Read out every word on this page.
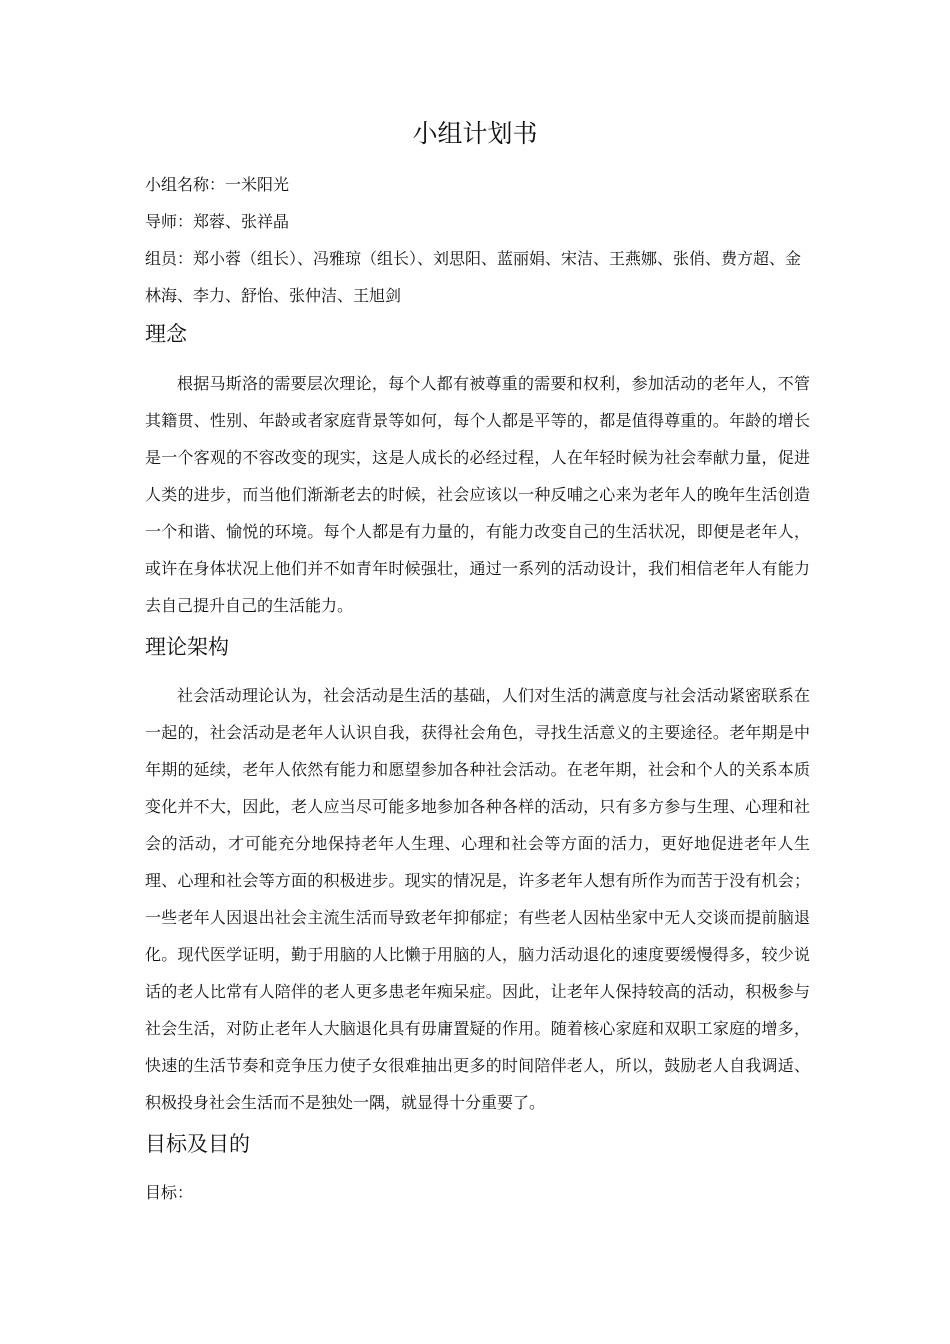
小组计划书

小组名称：一米阳光

导师：郑蓉、张祥晶

组员：郑小蓉（组长）、冯雅琼（组长）、刘思阳、蓝丽娟、宋洁、王燕娜、张俏、费方超、金林海、李力、舒怡、张仲洁、王旭剑

理念

根据马斯洛的需要层次理论，每个人都有被尊重的需要和权利，参加活动的老年人，不管其籍贯、性别、年龄或者家庭背景等如何，每个人都是平等的，都是值得尊重的。年龄的增长是一个客观的不容改变的现实，这是人成长的必经过程，人在年轻时候为社会奉献力量，促进人类的进步，而当他们渐渐老去的时候，社会应该以一种反哺之心来为老年人的晚年生活创造一个和谐、愉悦的环境。每个人都是有力量的，有能力改变自己的生活状况，即便是老年人，或许在身体状况上他们并不如青年时候强壮，通过一系列的活动设计，我们相信老年人有能力去自己提升自己的生活能力。

理论架构

社会活动理论认为，社会活动是生活的基础，人们对生活的满意度与社会活动紧密联系在一起的，社会活动是老年人认识自我，获得社会角色，寻找生活意义的主要途径。老年期是中年期的延续，老年人依然有能力和愿望参加各种社会活动。在老年期，社会和个人的关系本质变化并不大，因此，老人应当尽可能多地参加各种各样的活动，只有多方参与生理、心理和社会的活动，才可能充分地保持老年人生理、心理和社会等方面的活力，更好地促进老年人生理、心理和社会等方面的积极进步。现实的情况是，许多老年人想有所作为而苦于没有机会；一些老年人因退出社会主流生活而导致老年抑郁症；有些老人因枯坐家中无人交谈而提前脑退化。现代医学证明，勤于用脑的人比懒于用脑的人，脑力活动退化的速度要缓慢得多，较少说话的老人比常有人陪伴的老人更多患老年痴呆症。因此，让老年人保持较高的活动，积极参与社会生活，对防止老年人大脑退化具有毋庸置疑的作用。随着核心家庭和双职工家庭的增多，快速的生活节奏和竞争压力使子女很难抽出更多的时间陪伴老人，所以，鼓励老人自我调适、积极投身社会生活而不是独处一隅，就显得十分重要了。

目标及目的

目标：
